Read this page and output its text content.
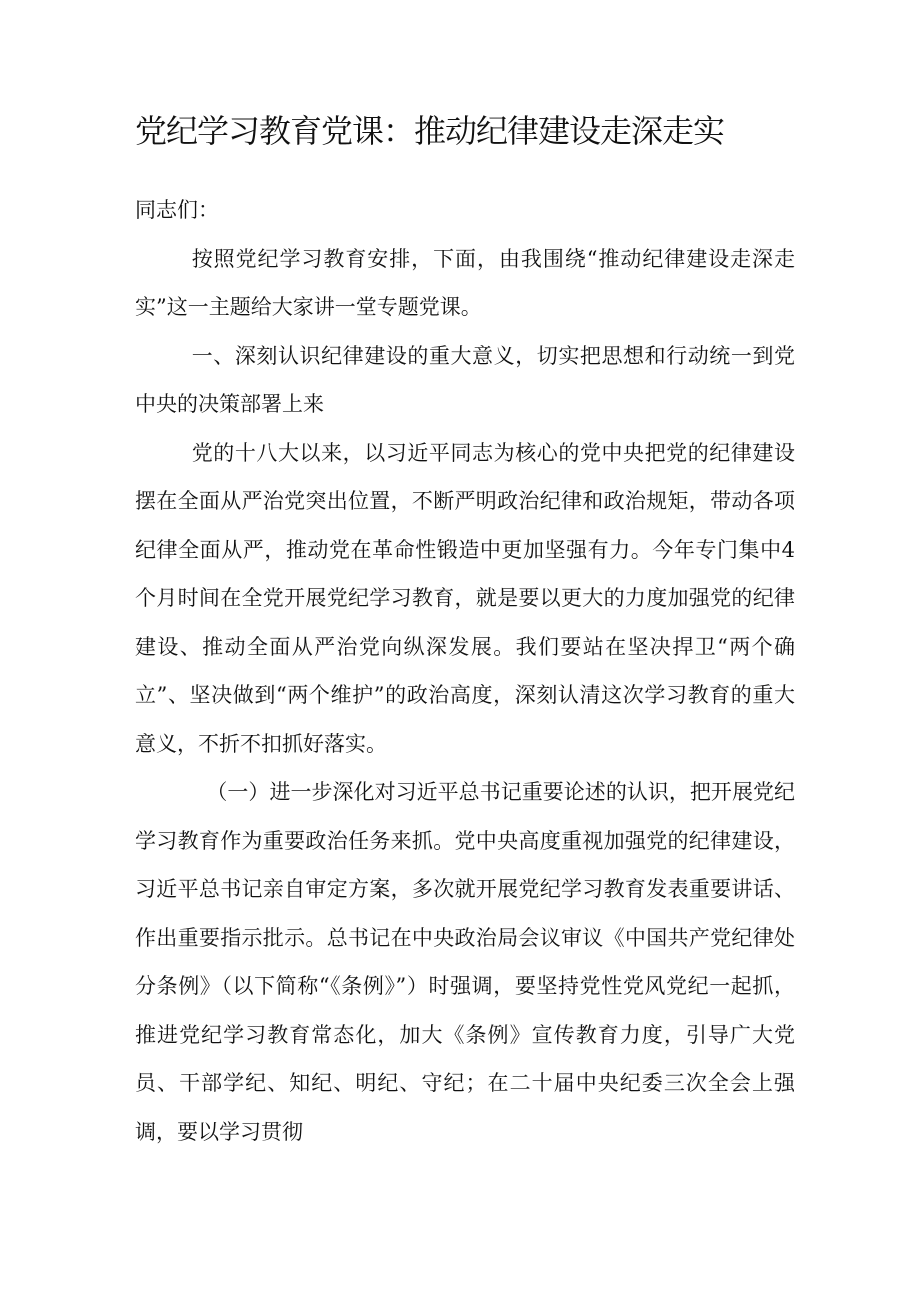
党纪学习教育党课：推动纪律建设走深走实

同志们：

按照党纪学习教育安排，下面，由我围绕“推动纪律建设走深走实”这一主题给大家讲一堂专题党课。

一、深刻认识纪律建设的重大意义，切实把思想和行动统一到党中央的决策部署上来

党的十八大以来，以习近平同志为核心的党中央把党的纪律建设摆在全面从严治党突出位置，不断严明政治纪律和政治规矩，带动各项纪律全面从严，推动党在革命性锻造中更加坚强有力。今年专门集中4个月时间在全党开展党纪学习教育，就是要以更大的力度加强党的纪律建设、推动全面从严治党向纵深发展。我们要站在坚决捍卫“两个确立”、坚决做到“两个维护”的政治高度，深刻认清这次学习教育的重大意义，不折不扣抓好落实。

（一）进一步深化对习近平总书记重要论述的认识，把开展党纪学习教育作为重要政治任务来抓。党中央高度重视加强党的纪律建设，习近平总书记亲自审定方案，多次就开展党纪学习教育发表重要讲话、作出重要指示批示。总书记在中央政治局会议审议《中国共产党纪律处分条例》（以下简称“《条例》”）时强调，要坚持党性党风党纪一起抓，推进党纪学习教育常态化，加大《条例》宣传教育力度，引导广大党员、干部学纪、知纪、明纪、守纪；在二十届中央纪委三次全会上强调，要以学习贯彻
